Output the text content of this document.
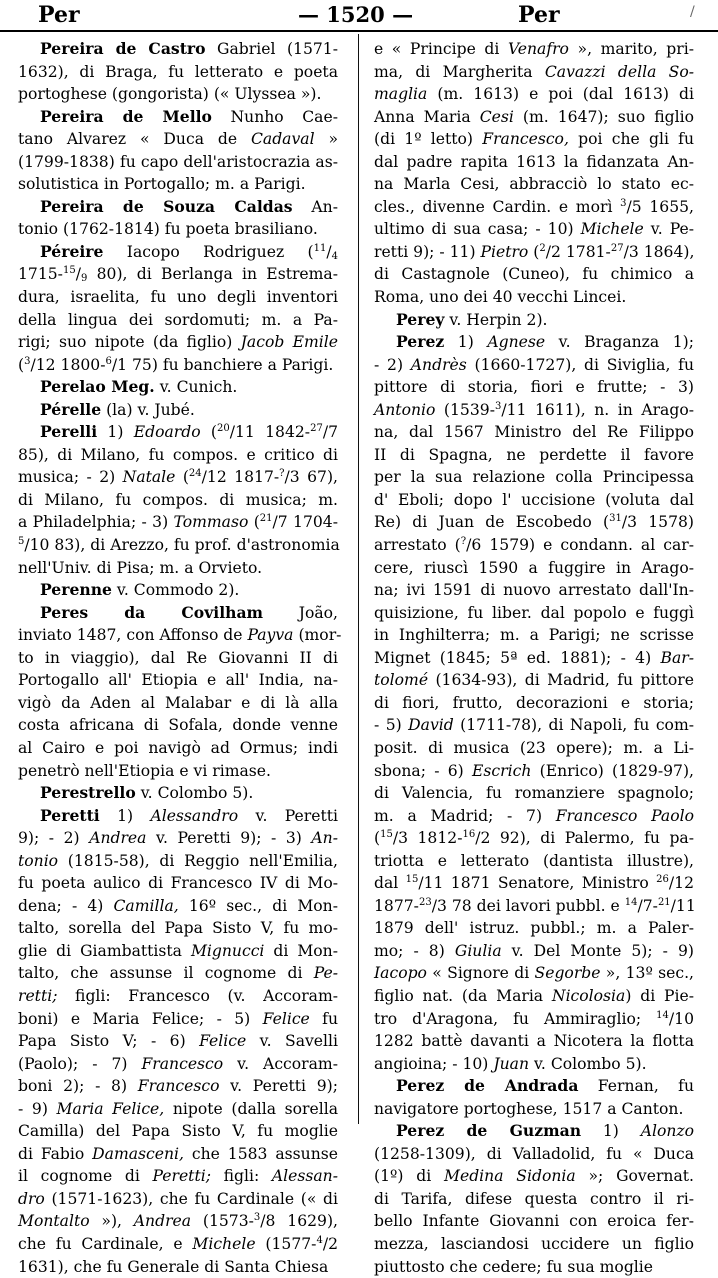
Per	— 1520 —	Per	/
Pereira de Castro Gabriel (1571-
1632), di Braga, fu letterato e poeta
portoghese (gongorista) (« Ulyssea »).
Pereira de Mello Nunho Cae-
tano Alvarez « Duca de Cadaval »
(1799-1838) fu capo dell'aristocrazia as-
solutistica in Portogallo; m. a Parigi.
Pereira de Souza Caldas An-
tonio (1762-1814) fu poeta brasiliano.
Péreire Iacopo Rodriguez ($^{11}/_4$
$1715-^{15}/_9$ 80), di Berlanga in Estrema-
dura, israelita, fu uno degli inventori
della lingua dei sordomuti; m. a Pa-
rigi; suo nipote (da figlio) Jacob Emile
($^3$/12 1800-$^6$/1 75) fu banchiere a Parigi.
Perelao Meg. v. Cunich.
Pérelle (la) v. Jubé.
Perelli 1) Edoardo ($^{20}$/11 1842-$^{27}$/7
85), di Milano, fu compos. e critico di
musica; - 2) Natale ($^{24}$/12 1817-?/3 67),
di Milano, fu compos. di musica; m.
a Philadelphia; - 3) Tommaso ($^{21}$/7 1704-
$^5$/10 83), di Arezzo, fu prof. d'astronomia
nell'Univ. di Pisa; m. a Orvieto.
Perenne v. Commodo 2).
Peres da Covilham João,
inviato 1487, con Affonso de Payva (mor-
to in viaggio), dal Re Giovanni II di
Portogallo all' Etiopia e all' India, na-
vigò da Aden al Malabar e di là alla
costa africana di Sofala, donde venne
al Cairo e poi navigò ad Ormus; indi
penetrò nell'Etiopia e vi rimase.
Perestrello v. Colombo 5).
Peretti 1) Alessandro v. Peretti
9); - 2) Andrea v. Peretti 9); - 3) An-
tonio (1815-58), di Reggio nell'Emilia,
fu poeta aulico di Francesco IV di Mo-
dena; - 4) Camilla, 16º sec., di Mon-
talto, sorella del Papa Sisto V, fu mo-
glie di Giambattista Mignucci di Mon-
talto, che assunse il cognome di Pe-
retti; figli: Francesco (v. Accoram-
boni) e Maria Felice; - 5) Felice fu
Papa Sisto V; - 6) Felice v. Savelli
(Paolo); - 7) Francesco v. Accoram-
boni 2); - 8) Francesco v. Peretti 9);
- 9) Maria Felice, nipote (dalla sorella
Camilla) del Papa Sisto V, fu moglie
di Fabio Damasceni, che 1583 assunse
il cognome di Peretti; figli: Alessan-
dro (1571-1623), che fu Cardinale (« di
Montalto »), Andrea (1573-$^3$/8 1629),
che fu Cardinale, e Michele (1577-$^4$/2
1631), che fu Generale di Santa Chiesa
e « Principe di Venafro », marito, pri-
ma, di Margherita Cavazzi della So-
maglia (m. 1613) e poi (dal 1613) di
Anna Maria Cesi (m. 1647); suo figlio
(di 1º letto) Francesco, poi che gli fu
dal padre rapita 1613 la fidanzata An-
na Marla Cesi, abbracciò lo stato ec-
cles., divenne Cardin. e morì $^3$/5 1655,
ultimo di sua casa; - 10) Michele v. Pe-
retti 9); - 11) Pietro ($^2$/2 1781-$^{27}$/3 1864),
di Castagnole (Cuneo), fu chimico a
Roma, uno dei 40 vecchi Lincei.
Perey v. Herpin 2).
Perez 1) Agnese v. Braganza 1);
- 2) Andrès (1660-1727), di Siviglia, fu
pittore di storia, fiori e frutte; - 3)
Antonio (1539-$^3$/11 1611), n. in Arago-
na, dal 1567 Ministro del Re Filippo
II di Spagna, ne perdette il favore
per la sua relazione colla Principessa
d' Eboli; dopo l' uccisione (voluta dal
Re) di Juan de Escobedo ($^{31}$/3 1578)
arrestato (?/6 1579) e condann. al car-
cere, riuscì 1590 a fuggire in Arago-
na; ivi 1591 di nuovo arrestato dall'In-
quisizione, fu liber. dal popolo e fuggì
in Inghilterra; m. a Parigi; ne scrisse
Mignet (1845; 5ª ed. 1881); - 4) Bar-
tolomé (1634-93), di Madrid, fu pittore
di fiori, frutto, decorazioni e storia;
- 5) David (1711-78), di Napoli, fu com-
posit. di musica (23 opere); m. a Li-
sbona; - 6) Escrich (Enrico) (1829-97),
di Valencia, fu romanziere spagnolo;
m. a Madrid; - 7) Francesco Paolo
($^{15}$/3 1812-$^{16}$/2 92), di Palermo, fu pa-
triotta e letterato (dantista illustre),
dal $^{15}$/11 1871 Senatore, Ministro $^{26}$/12
1877-$^{23}$/3 78 dei lavori pubbl. e $^{14}$/7-$^{21}$/11
1879 dell' istruz. pubbl.; m. a Paler-
mo; - 8) Giulia v. Del Monte 5); - 9)
Iacopo « Signore di Segorbe », 13º sec.,
figlio nat. (da Maria Nicolosia) di Pie-
tro d'Aragona, fu Ammiraglio; $^{14}$/10
1282 battè davanti a Nicotera la flotta
angioina; - 10) Juan v. Colombo 5).
Perez de Andrada Fernan, fu
navigatore portoghese, 1517 a Canton.
Perez de Guzman 1) Alonzo
(1258-1309), di Valladolid, fu « Duca
(1º) di Medina Sidonia »; Governat.
di Tarifa, difese questa contro il ri-
bello Infante Giovanni con eroica fer-
mezza, lasciandosi uccidere un figlio
piuttosto che cedere; fu sua moglie
